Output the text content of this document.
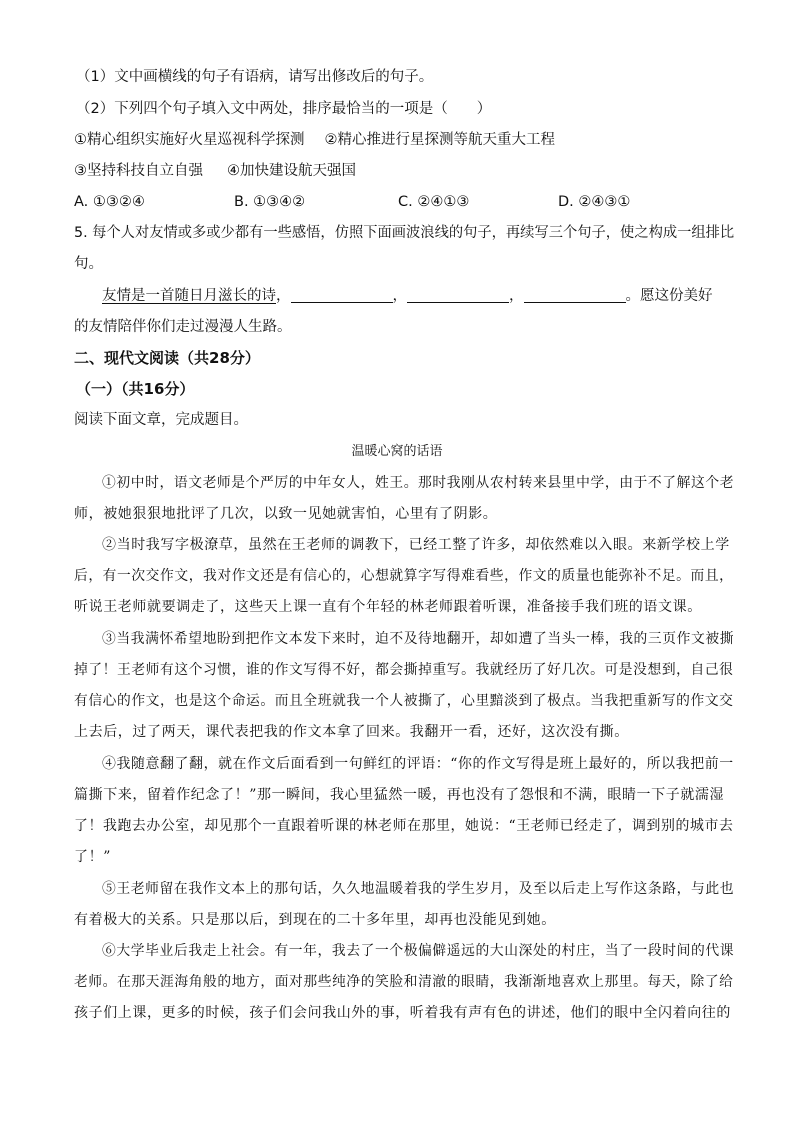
（1）文中画横线的句子有语病，请写出修改后的句子。
（2）下列四个句子填入文中两处，排序最恰当的一项是（　　）
①精心组织实施好火星巡视科学探测 ②精心推进行星探测等航天重大工程
③坚持科技自立自强 ④加快建设航天强国
A. ①③②④	B. ①③④②	C. ②④①③	D. ②④③①
5. 每个人对友情或多或少都有一些感悟，仿照下面画波浪线的句子，再续写三个句子，使之构成一组排比
句。
友情是一首随日月滋长的诗，	，	，	。愿这份美好
的友情陪伴你们走过漫漫人生路。
二、现代文阅读（共28分）
（一）（共16分）
阅读下面文章，完成题目。
温暖心窝的话语
①初中时，语文老师是个严厉的中年女人，姓王。那时我刚从农村转来县里中学，由于不了解这个老
师，被她狠狠地批评了几次，以致一见她就害怕，心里有了阴影。
②当时我写字极潦草，虽然在王老师的调教下，已经工整了许多，却依然难以入眼。来新学校上学
后，有一次交作文，我对作文还是有信心的，心想就算字写得难看些，作文的质量也能弥补不足。而且，
听说王老师就要调走了，这些天上课一直有个年轻的林老师跟着听课，准备接手我们班的语文课。
③当我满怀希望地盼到把作文本发下来时，迫不及待地翻开，却如遭了当头一棒，我的三页作文被撕
掉了！王老师有这个习惯，谁的作文写得不好，都会撕掉重写。我就经历了好几次。可是没想到，自己很
有信心的作文，也是这个命运。而且全班就我一个人被撕了，心里黯淡到了极点。当我把重新写的作文交
上去后，过了两天，课代表把我的作文本拿了回来。我翻开一看，还好，这次没有撕。
④我随意翻了翻，就在作文后面看到一句鲜红的评语：“你的作文写得是班上最好的，所以我把前一
篇撕下来，留着作纪念了！”那一瞬间，我心里猛然一暖，再也没有了怨恨和不满，眼睛一下子就濡湿
了！我跑去办公室，却见那个一直跟着听课的林老师在那里，她说：“王老师已经走了，调到别的城市去
了！”
⑤王老师留在我作文本上的那句话，久久地温暖着我的学生岁月，及至以后走上写作这条路，与此也
有着极大的关系。只是那以后，到现在的二十多年里，却再也没能见到她。
⑥大学毕业后我走上社会。有一年，我去了一个极偏僻遥远的大山深处的村庄，当了一段时间的代课
老师。在那天涯海角般的地方，面对那些纯净的笑脸和清澈的眼睛，我渐渐地喜欢上那里。每天，除了给
孩子们上课，更多的时候，孩子们会问我山外的事，听着我有声有色的讲述，他们的眼中全闪着向往的
